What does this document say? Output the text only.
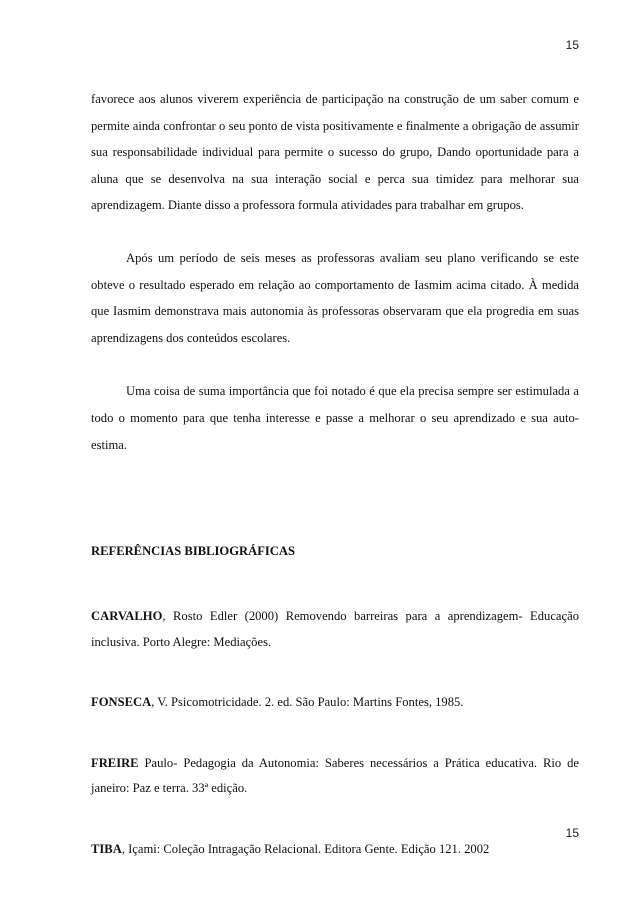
15

favorece aos alunos viverem experiência de participação na construção de um saber comum e permite ainda confrontar o seu ponto de vista positivamente e finalmente a obrigação de assumir sua responsabilidade individual para permite o sucesso do grupo, Dando oportunidade para a aluna que se desenvolva na sua interação social e perca sua timidez para melhorar sua aprendizagem. Diante disso a professora formula atividades para trabalhar em grupos.

Após um período de seis meses as professoras avaliam seu plano verificando se este obteve o resultado esperado em relação ao comportamento de Iasmim acima citado. À medida que Iasmim demonstrava mais autonomia às professoras observaram que ela progredia em suas aprendizagens dos conteúdos escolares.

Uma coisa de suma importância que foi notado é que ela precisa sempre ser estimulada a todo o momento para que tenha interesse e passe a melhorar o seu aprendizado e sua auto- estima.

REFERÊNCIAS BIBLIOGRÁFICAS

CARVALHO, Rosto Edler (2000) Removendo barreiras para a aprendizagem- Educação inclusiva. Porto Alegre: Mediações.

FONSECA, V. Psicomotricidade. 2. ed. São Paulo: Martins Fontes, 1985.

FREIRE Paulo- Pedagogia da Autonomia: Saberes necessários a Prática educativa. Rio de janeiro: Paz e terra. 33ª edição.

TIBA, Içami: Coleção Intragação Relacional. Editora Gente. Edição 121. 2002

15
